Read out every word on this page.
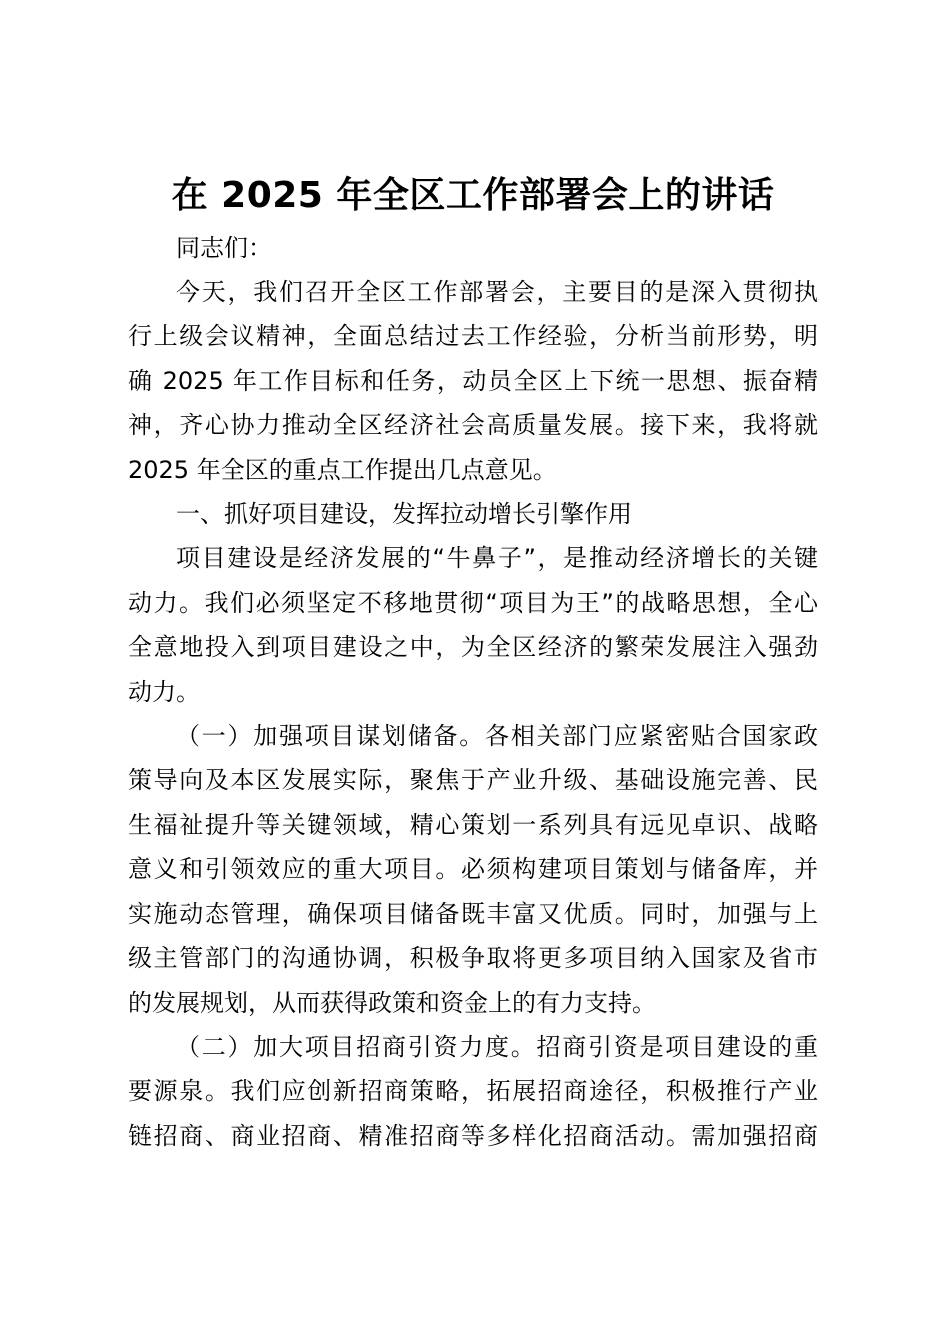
在 2025 年全区工作部署会上的讲话

同志们：

今天，我们召开全区工作部署会，主要目的是深入贯彻执
行上级会议精神，全面总结过去工作经验，分析当前形势，明
确 2025 年工作目标和任务，动员全区上下统一思想、振奋精
神，齐心协力推动全区经济社会高质量发展。接下来，我将就
2025 年全区的重点工作提出几点意见。

一、抓好项目建设，发挥拉动增长引擎作用

项目建设是经济发展的“牛鼻子”，是推动经济增长的关键
动力。我们必须坚定不移地贯彻“项目为王”的战略思想，全心
全意地投入到项目建设之中，为全区经济的繁荣发展注入强劲
动力。
（一）加强项目谋划储备。各相关部门应紧密贴合国家政
策导向及本区发展实际，聚焦于产业升级、基础设施完善、民
生福祉提升等关键领域，精心策划一系列具有远见卓识、战略
意义和引领效应的重大项目。必须构建项目策划与储备库，并
实施动态管理，确保项目储备既丰富又优质。同时，加强与上
级主管部门的沟通协调，积极争取将更多项目纳入国家及省市
的发展规划，从而获得政策和资金上的有力支持。
（二）加大项目招商引资力度。招商引资是项目建设的重
要源泉。我们应创新招商策略，拓展招商途径，积极推行产业
链招商、商业招商、精准招商等多样化招商活动。需加强招商
